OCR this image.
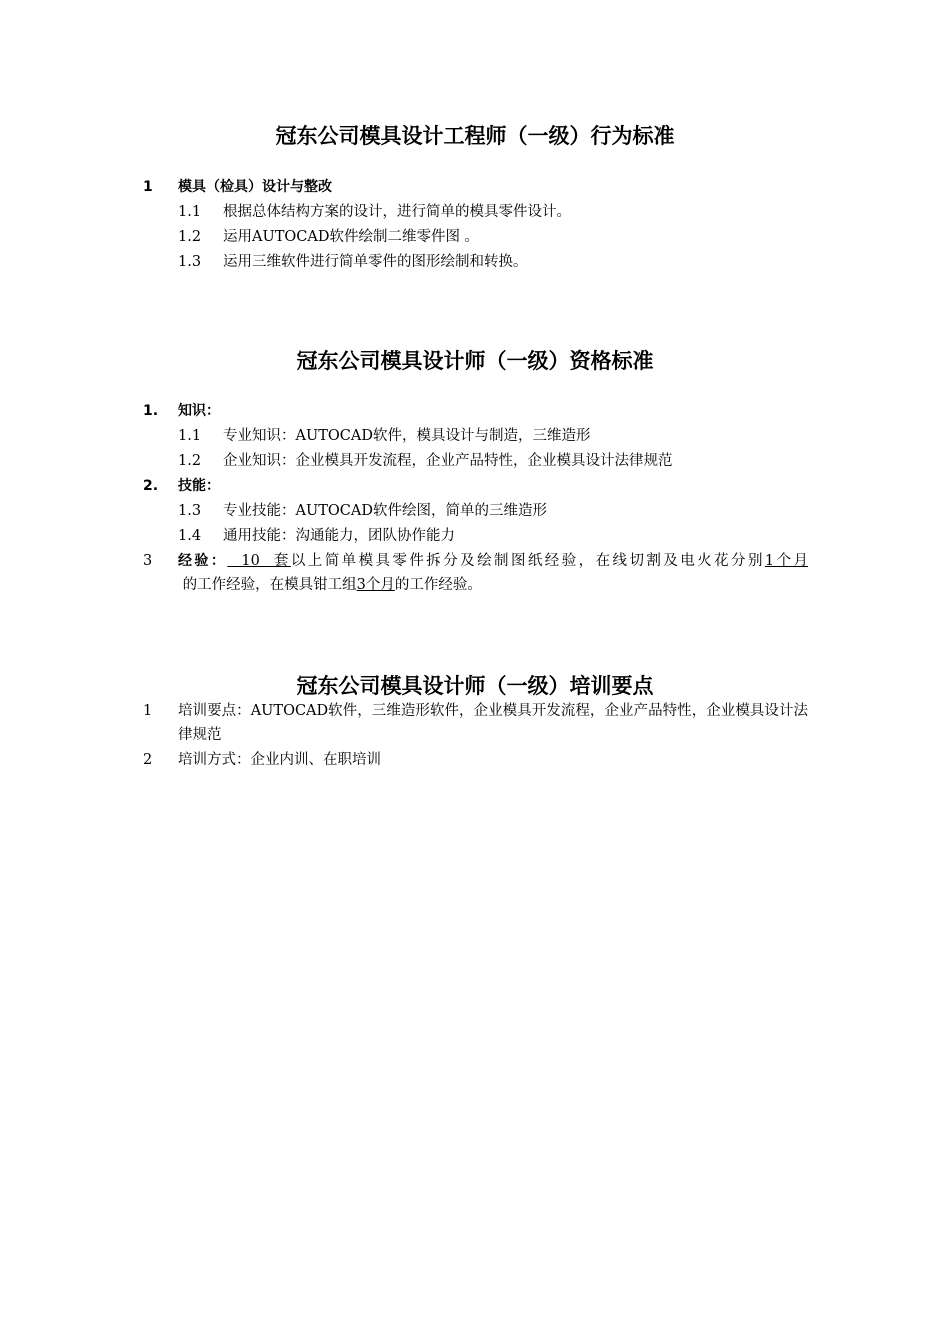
冠东公司模具设计工程师（一级）行为标准
1 模具（检具）设计与整改
1.1 根据总体结构方案的设计，进行简单的模具零件设计。
1.2 运用AUTOCAD软件绘制二维零件图 。
1.3 运用三维软件进行简单零件的图形绘制和转换。
冠东公司模具设计师（一级）资格标准
1. 知识：
1.1 专业知识：AUTOCAD软件，模具设计与制造，三维造形
1.2 企业知识：企业模具开发流程，企业产品特性，企业模具设计法律规范
2. 技能：
1.3 专业技能：AUTOCAD软件绘图，简单的三维造形
1.4 通用技能：沟通能力，团队协作能力
3 经验：  10  套以上简单模具零件拆分及绘制图纸经验，在线切割及电火花分别1个月 的工作经验，在模具钳工组3个月的工作经验。
冠东公司模具设计师（一级）培训要点
1 培训要点：AUTOCAD软件，三维造形软件，企业模具开发流程，企业产品特性，企业模具设计法律规范
2 培训方式：企业内训、在职培训
